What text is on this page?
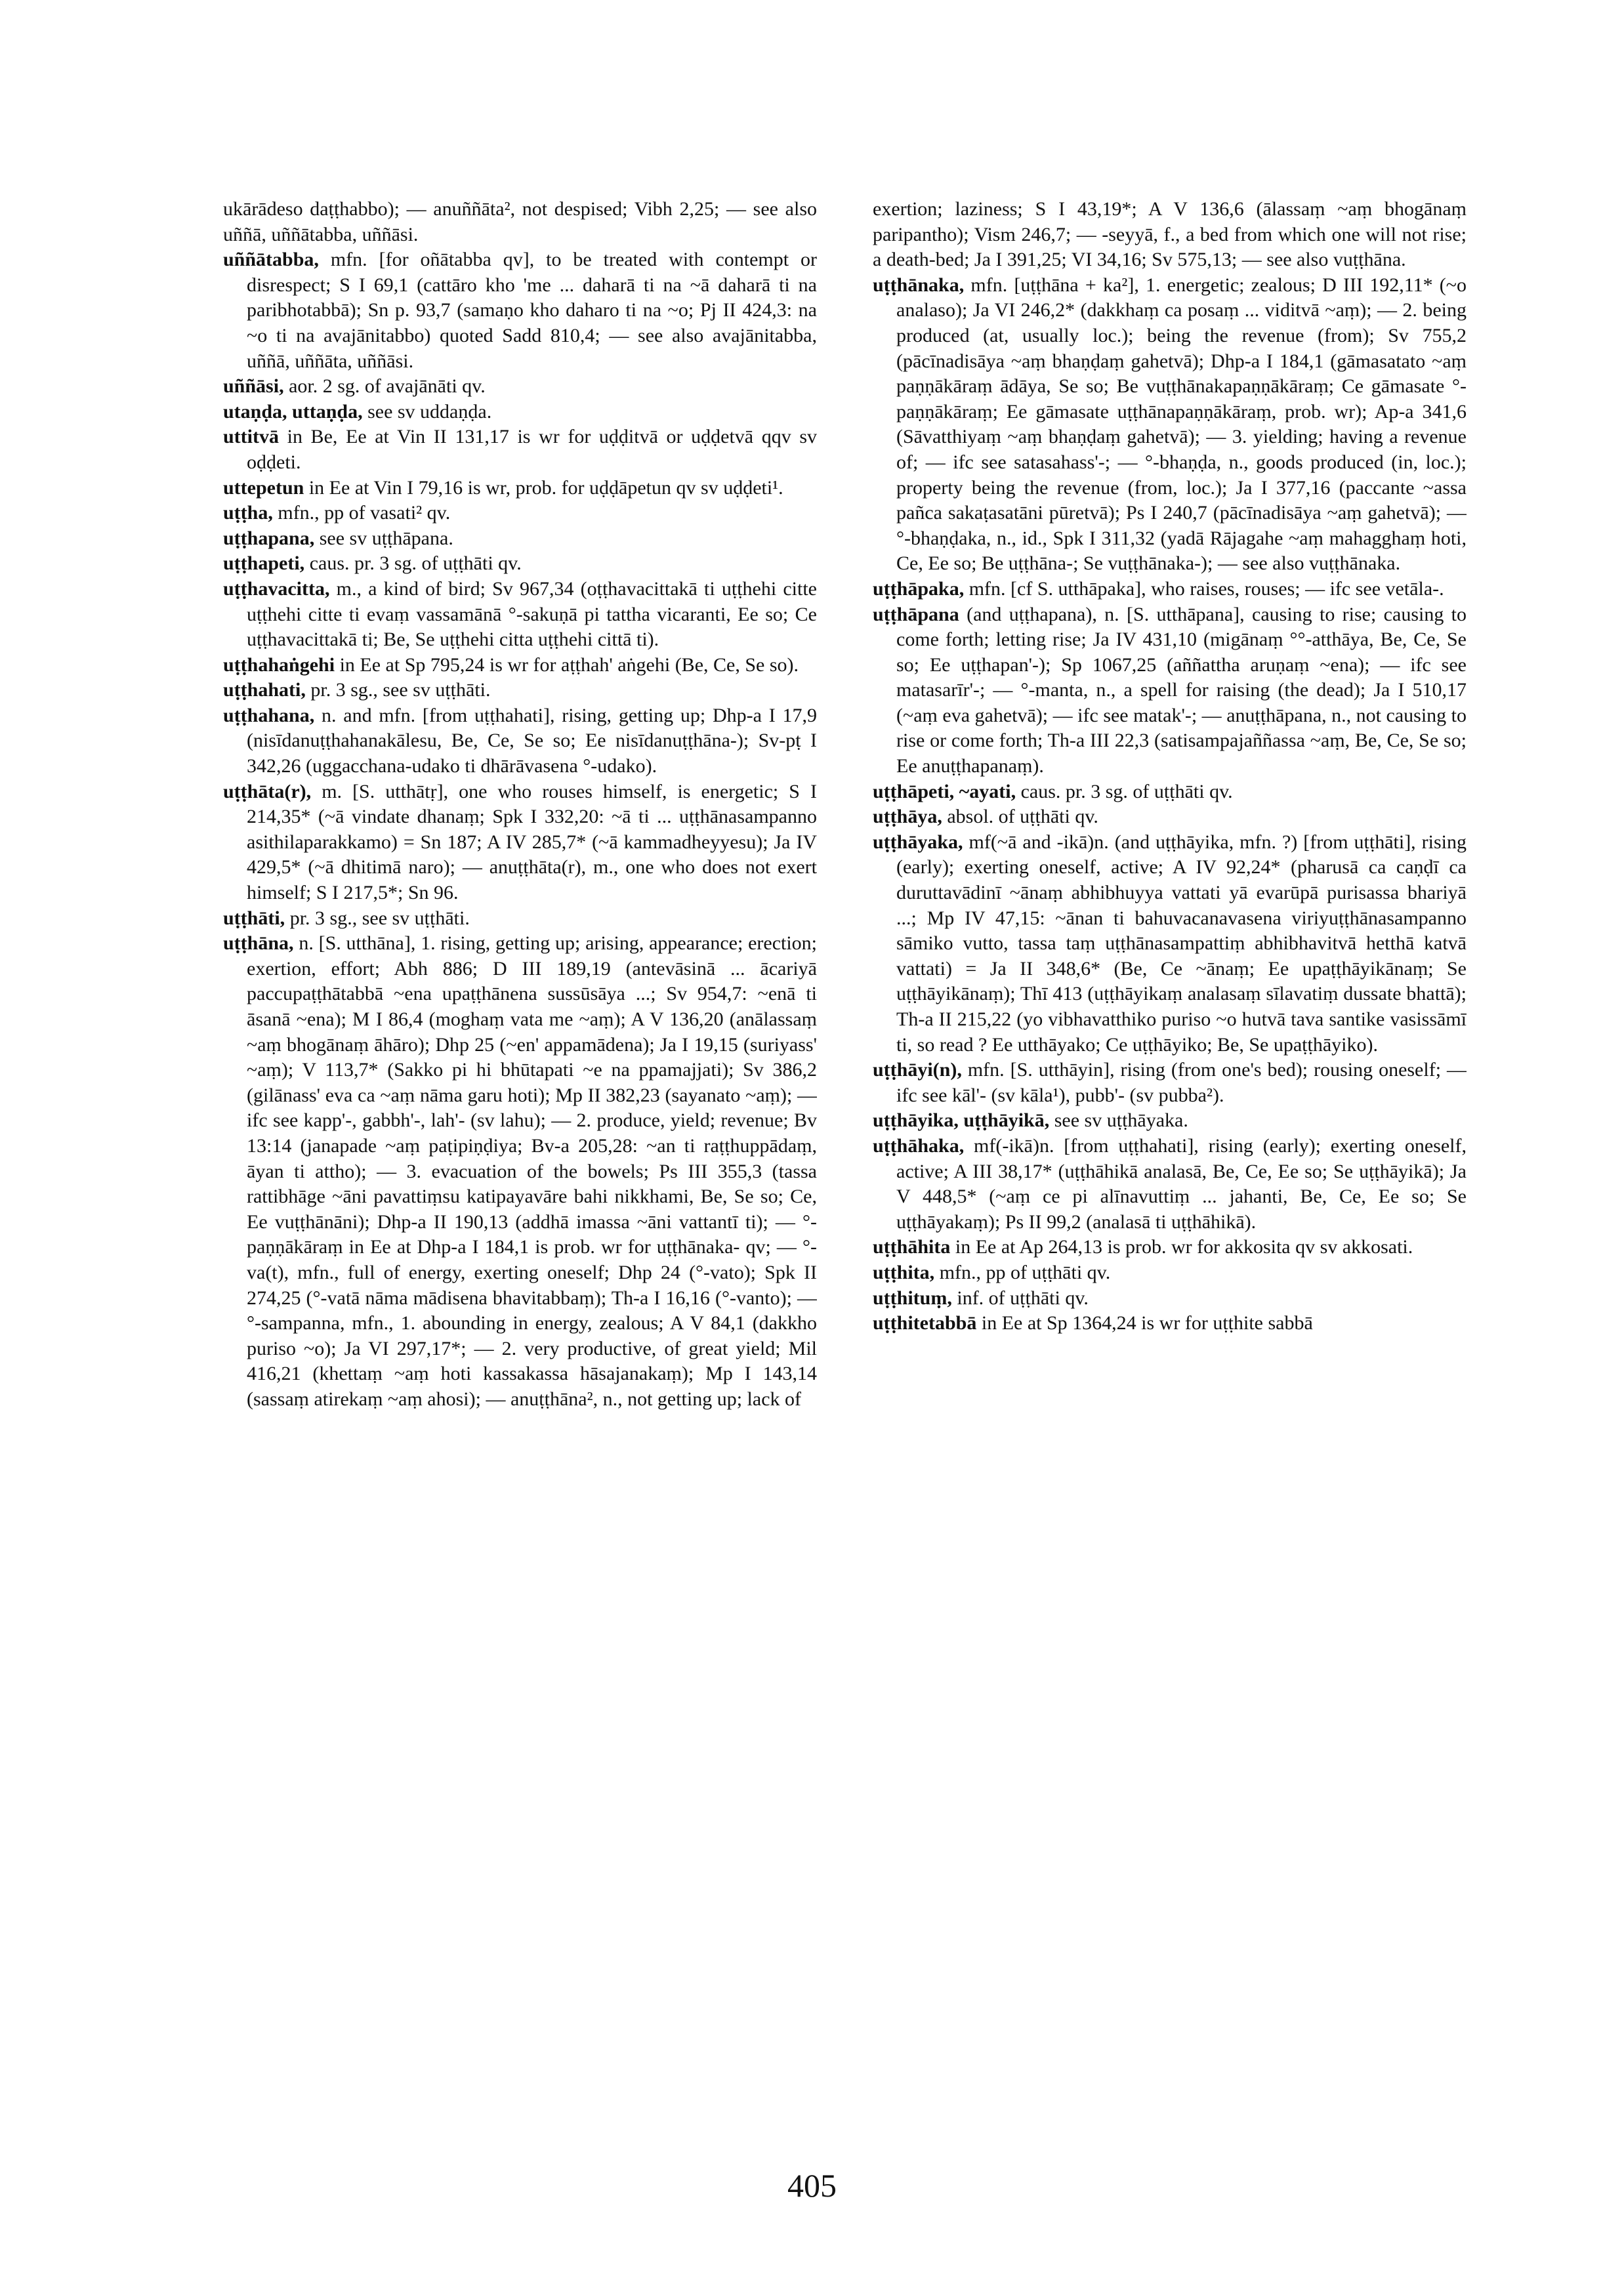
ukārādeso daṭṭhabbo); — anuññāta², not despised; Vibh 2,25; — see also uññā, uññātabba, uññāsi.

uññātabba, mfn. [for oñātabba qv], to be treated with contempt or disrespect; S I 69,1 (cattāro kho 'me ... daharā ti na ~ā daharā ti na paribhotabbā); Sn p. 93,7 (samaṇo kho daharo ti na ~o; Pj II 424,3: na ~o ti na avajānitabbo) quoted Sadd 810,4; — see also avajānitabba, uññā, uññāta, uññāsi.

uññāsi, aor. 2 sg. of avajānāti qv.

utaṇḍa, uttaṇḍa, see sv uddaṇḍa.

uttitvā in Be, Ee at Vin II 131,17 is wr for uḍḍitvā or uḍḍetvā qqv sv oḍḍeti.

uttepetun in Ee at Vin I 79,16 is wr, prob. for uḍḍāpetun qv sv uḍḍeti¹.

uṭṭha, mfn., pp of vasati² qv.

uṭṭhapana, see sv uṭṭhāpana.

uṭṭhapeti, caus. pr. 3 sg. of uṭṭhāti qv.

uṭṭhavacitta, m., a kind of bird; Sv 967,34 (oṭṭhavacittakā ti uṭṭhehi citte uṭṭhehi citte ti evaṃ vassamānā °-sakuṇā pi tattha vicaranti, Ee so; Ce uṭṭhavacittakā ti; Be, Se uṭṭhehi citta uṭṭhehi cittā ti).

uṭṭhahaṅgehi in Ee at Sp 795,24 is wr for aṭṭhah' aṅgehi (Be, Ce, Se so).

uṭṭhahati, pr. 3 sg., see sv uṭṭhāti.

uṭṭhahana, n. and mfn. [from uṭṭhahati], rising, getting up; Dhp-a I 17,9 (nisīdanuṭṭhahanakālesu, Be, Ce, Se so; Ee nisīdanuṭṭhāna-); Sv-pṭ I 342,26 (uggacchana-udako ti dhārāvasena °-udako).

uṭṭhāta(r), m. [S. utthātṛ], one who rouses himself, is energetic; S I 214,35* (~ā vindate dhanaṃ; Spk I 332,20: ~ā ti ... uṭṭhānasampanno asithilaparakkamo) = Sn 187; A IV 285,7* (~ā kammadheyyesu); Ja IV 429,5* (~ā dhitimā naro); — anuṭṭhāta(r), m., one who does not exert himself; S I 217,5*; Sn 96.

uṭṭhāti, pr. 3 sg., see sv uṭṭhāti.

uṭṭhāna, n. [S. utthāna], 1. rising, getting up; arising, appearance; erection; exertion, effort; Abh 886; D III 189,19 (antevāsinā ... ācariyā paccupaṭṭhātabbā ~ena upaṭṭhānena sussūsāya ...; Sv 954,7: ~enā ti āsanā ~ena); M I 86,4 (moghaṃ vata me ~aṃ); A V 136,20 (anālassaṃ ~aṃ bhogānaṃ āhāro); Dhp 25 (~en' appamādena); Ja I 19,15 (suriyass' ~aṃ); V 113,7* (Sakko pi hi bhūtapati ~e na ppamajjati); Sv 386,2 (gilānass' eva ca ~aṃ nāma garu hoti); Mp II 382,23 (sayanato ~aṃ); — ifc see kapp'-, gabbh'-, lah'- (sv lahu); — 2. produce, yield; revenue; Bv 13:14 (janapade ~aṃ paṭipiṇḍiya; Bv-a 205,28: ~an ti raṭṭhuppādaṃ, āyan ti attho); — 3. evacuation of the bowels; Ps III 355,3 (tassa rattibhāge ~āni pavattiṃsu katipayavāre bahi nikkhami, Be, Se so; Ce, Ee vuṭṭhānāni); Dhp-a II 190,13 (addhā imassa ~āni vattantī ti); — °-paṇṇākāraṃ in Ee at Dhp-a I 184,1 is prob. wr for uṭṭhānaka- qv; — °-va(t), mfn., full of energy, exerting oneself; Dhp 24 (°-vato); Spk II 274,25 (°-vatā nāma mādisena bhavitabbaṃ); Th-a I 16,16 (°-vanto); — °-sampanna, mfn., 1. abounding in energy, zealous; A V 84,1 (dakkho puriso ~o); Ja VI 297,17*; — 2. very productive, of great yield; Mil 416,21 (khettaṃ ~aṃ hoti kassakassa hāsajanakaṃ); Mp I 143,14 (sassaṃ atirekaṃ ~aṃ ahosi); — anuṭṭhāna², n., not getting up; lack of

exertion; laziness; S I 43,19*; A V 136,6 (ālassaṃ ~aṃ bhogānaṃ paripantho); Vism 246,7; — -seyyā, f., a bed from which one will not rise; a death-bed; Ja I 391,25; VI 34,16; Sv 575,13; — see also vuṭṭhāna.

uṭṭhānaka, mfn. [uṭṭhāna + ka²], 1. energetic; zealous; D III 192,11* (~o analaso); Ja VI 246,2* (dakkhaṃ ca posaṃ ... viditvā ~aṃ); — 2. being produced (at, usually loc.); being the revenue (from); Sv 755,2 (pācīnadisāya ~aṃ bhaṇḍaṃ gahetvā); Dhp-a I 184,1 (gāmasatato ~aṃ paṇṇākāraṃ ādāya, Se so; Be vuṭṭhānakapaṇṇākāraṃ; Ce gāmasate °-paṇṇākāraṃ; Ee gāmasate uṭṭhānapaṇṇākāraṃ, prob. wr); Ap-a 341,6 (Sāvatthiyaṃ ~aṃ bhaṇḍaṃ gahetvā); — 3. yielding; having a revenue of; — ifc see satasahass'-; — °-bhaṇḍa, n., goods produced (in, loc.); property being the revenue (from, loc.); Ja I 377,16 (paccante ~assa pañca sakaṭasatāni pūretvā); Ps I 240,7 (pācīnadisāya ~aṃ gahetvā); — °-bhaṇḍaka, n., id., Spk I 311,32 (yadā Rājagahe ~aṃ mahagghaṃ hoti, Ce, Ee so; Be uṭṭhāna-; Se vuṭṭhānaka-); — see also vuṭṭhānaka.

uṭṭhāpaka, mfn. [cf S. utthāpaka], who raises, rouses; — ifc see vetāla-.

uṭṭhāpana (and uṭṭhapana), n. [S. utthāpana], causing to rise; causing to come forth; letting rise; Ja IV 431,10 (migānaṃ °°-atthāya, Be, Ce, Se so; Ee uṭṭhapan'-); Sp 1067,25 (aññattha aruṇaṃ ~ena); — ifc see matasarīr'-; — °-manta, n., a spell for raising (the dead); Ja I 510,17 (~aṃ eva gahetvā); — ifc see matak'-; — anuṭṭhāpana, n., not causing to rise or come forth; Th-a III 22,3 (satisampajaññassa ~aṃ, Be, Ce, Se so; Ee anuṭṭhapanaṃ).

uṭṭhāpeti, ~ayati, caus. pr. 3 sg. of uṭṭhāti qv.

uṭṭhāya, absol. of uṭṭhāti qv.

uṭṭhāyaka, mf(~ā and -ikā)n. (and uṭṭhāyika, mfn. ?) [from uṭṭhāti], rising (early); exerting oneself, active; A IV 92,24* (pharusā ca caṇḍī ca duruttavādinī ~ānaṃ abhibhuyya vattati yā evarūpā purisassa bhariyā ...; Mp IV 47,15: ~ānan ti bahuvacanavasena viriyuṭṭhānasampanno sāmiko vutto, tassa taṃ uṭṭhānasampattiṃ abhibhavitvā hetthā katvā vattati) = Ja II 348,6* (Be, Ce ~ānaṃ; Ee upaṭṭhāyikānaṃ; Se uṭṭhāyikānaṃ); Thī 413 (uṭṭhāyikaṃ analasaṃ sīlavatiṃ dussate bhattā); Th-a II 215,22 (yo vibhavatthiko puriso ~o hutvā tava santike vasissāmī ti, so read ? Ee utthāyako; Ce uṭṭhāyiko; Be, Se upaṭṭhāyiko).

uṭṭhāyi(n), mfn. [S. utthāyin], rising (from one's bed); rousing oneself; — ifc see kāl'- (sv kāla¹), pubb'- (sv pubba²).

uṭṭhāyika, uṭṭhāyikā, see sv uṭṭhāyaka.

uṭṭhāhaka, mf(-ikā)n. [from uṭṭhahati], rising (early); exerting oneself, active; A III 38,17* (uṭṭhāhikā analasā, Be, Ce, Ee so; Se uṭṭhāyikā); Ja V 448,5* (~aṃ ce pi alīnavuttiṃ ... jahanti, Be, Ce, Ee so; Se uṭṭhāyakaṃ); Ps II 99,2 (analasā ti uṭṭhāhikā).

uṭṭhāhita in Ee at Ap 264,13 is prob. wr for akkosita qv sv akkosati.

uṭṭhita, mfn., pp of uṭṭhāti qv.

uṭṭhituṃ, inf. of uṭṭhāti qv.

uṭṭhitetabbā in Ee at Sp 1364,24 is wr for uṭṭhite sabbā

405
